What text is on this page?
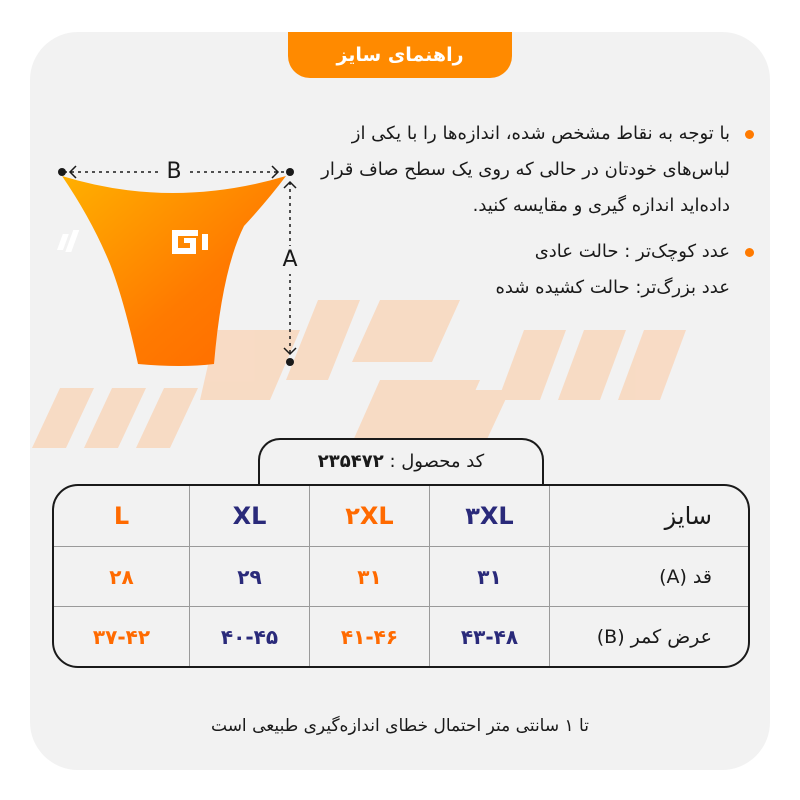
راهنمای سایز
B
A
با توجه به نقاط مشخص شده، اندازه‌ها را با یکی از لباس‌های خودتان در حالی که روی یک سطح صاف قرار داده‌اید اندازه گیری و مقایسه کنید.
عدد کوچک‌تر : حالت عادی
عدد بزرگ‌تر: حالت کشیده شده
کد محصول : ۲۳۵۴۷۲
L	XL	۲XL	۳XL	سایز
۲۸	۲۹	۳۱	۳۱	قد (A)
۳۷-۴۲	۴۰-۴۵	۴۱-۴۶	۴۳-۴۸	عرض کمر (B)
تا ۱ سانتی متر احتمال خطای اندازه‌گیری طبیعی است
